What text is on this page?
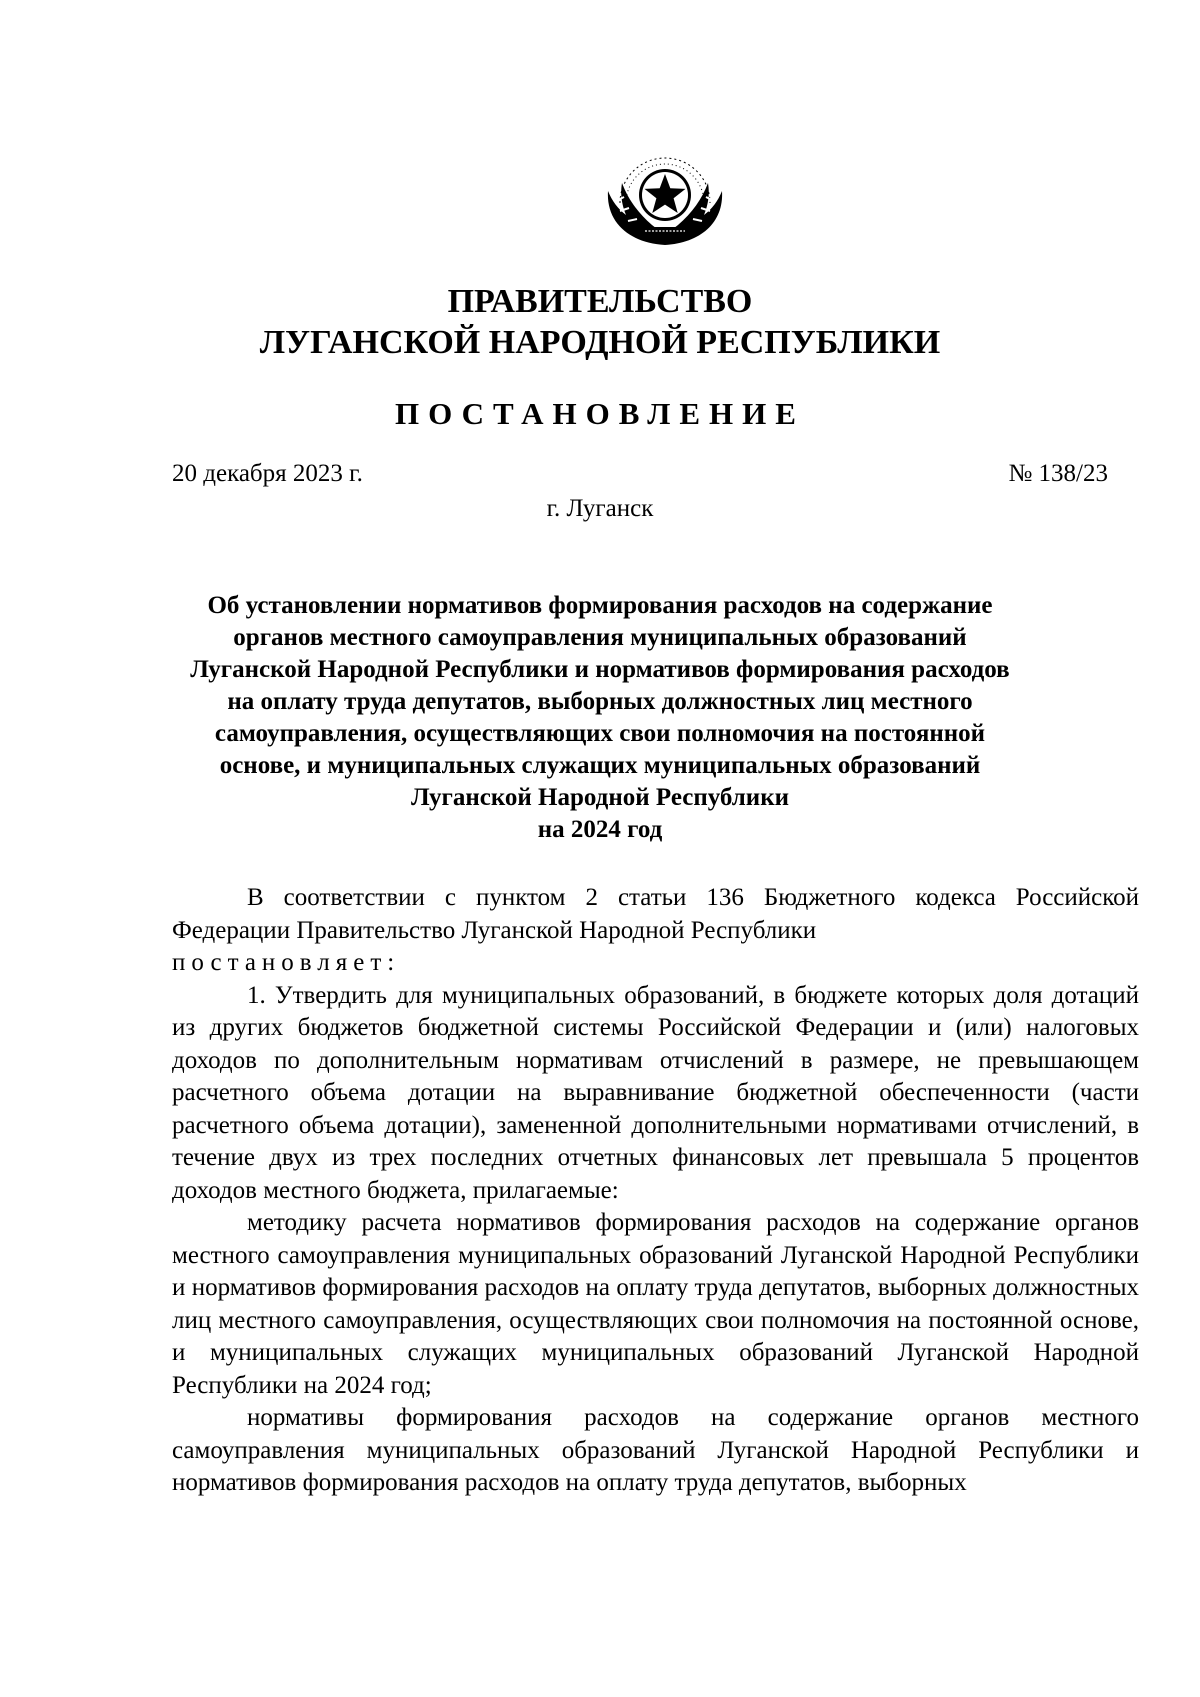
ПРАВИТЕЛЬСТВО
ЛУГАНСКОЙ НАРОДНОЙ РЕСПУБЛИКИ
ПОСТАНОВЛЕНИЕ
20 декабря 2023 г.	№ 138/23
г. Луганск
Об установлении нормативов формирования расходов на содержание
органов местного самоуправления муниципальных образований
Луганской Народной Республики и нормативов формирования расходов
на оплату труда депутатов, выборных должностных лиц местного
самоуправления, осуществляющих свои полномочия на постоянной
основе, и муниципальных служащих муниципальных образований
Луганской Народной Республики
на 2024 год

В соответствии с пунктом 2 статьи 136 Бюджетного кодекса Российской Федерации Правительство Луганской Народной Республики

постановляет:

1. Утвердить для муниципальных образований, в бюджете которых доля дотаций из других бюджетов бюджетной системы Российской Федерации и (или) налоговых доходов по дополнительным нормативам отчислений в размере, не превышающем расчетного объема дотации на выравнивание бюджетной обеспеченности (части расчетного объема дотации), замененной дополнительными нормативами отчислений, в течение двух из трех последних отчетных финансовых лет превышала 5 процентов доходов местного бюджета, прилагаемые:

методику расчета нормативов формирования расходов на содержание органов местного самоуправления муниципальных образований Луганской Народной Республики и нормативов формирования расходов на оплату труда депутатов, выборных должностных лиц местного самоуправления, осуществляющих свои полномочия на постоянной основе, и муниципальных служащих муниципальных образований Луганской Народной Республики на 2024 год;

нормативы формирования расходов на содержание органов местного самоуправления муниципальных образований Луганской Народной Республики и нормативов формирования расходов на оплату труда депутатов, выборных
